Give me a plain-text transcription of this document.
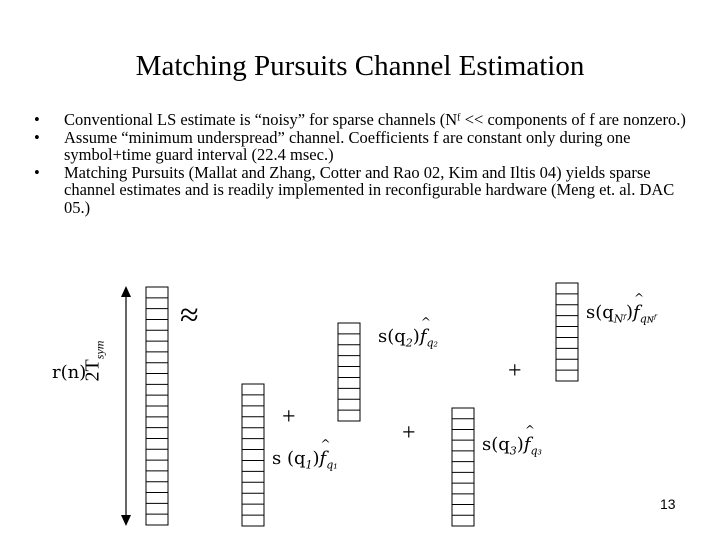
Matching Pursuits Channel Estimation
• Conventional LS estimate is “noisy” for sparse channels (Nᶠ << components of f are nonzero.)
• Assume “minimum underspread” channel. Coefficients f are constant only during one symbol+time guard interval (22.4 msec.)
• Matching Pursuits (Mallat and Zhang, Cotter and Rao 02, Kim and Iltis 04) yields sparse channel estimates and is readily implemented in reconfigurable hardware (Meng et. al. DAC 05.)
r(n)
$2T_{sym}$
≈
+
+
+
s $(q_1)\^{}$ $f_{q_1}$
$s(q_2)\^{}$ $f_{q_2}$
$s(q_3)\^{}$ $f_{q_3}$
$s(q_{Nᶠ})\^{}$ $f_{qɴᶠ}$
13
